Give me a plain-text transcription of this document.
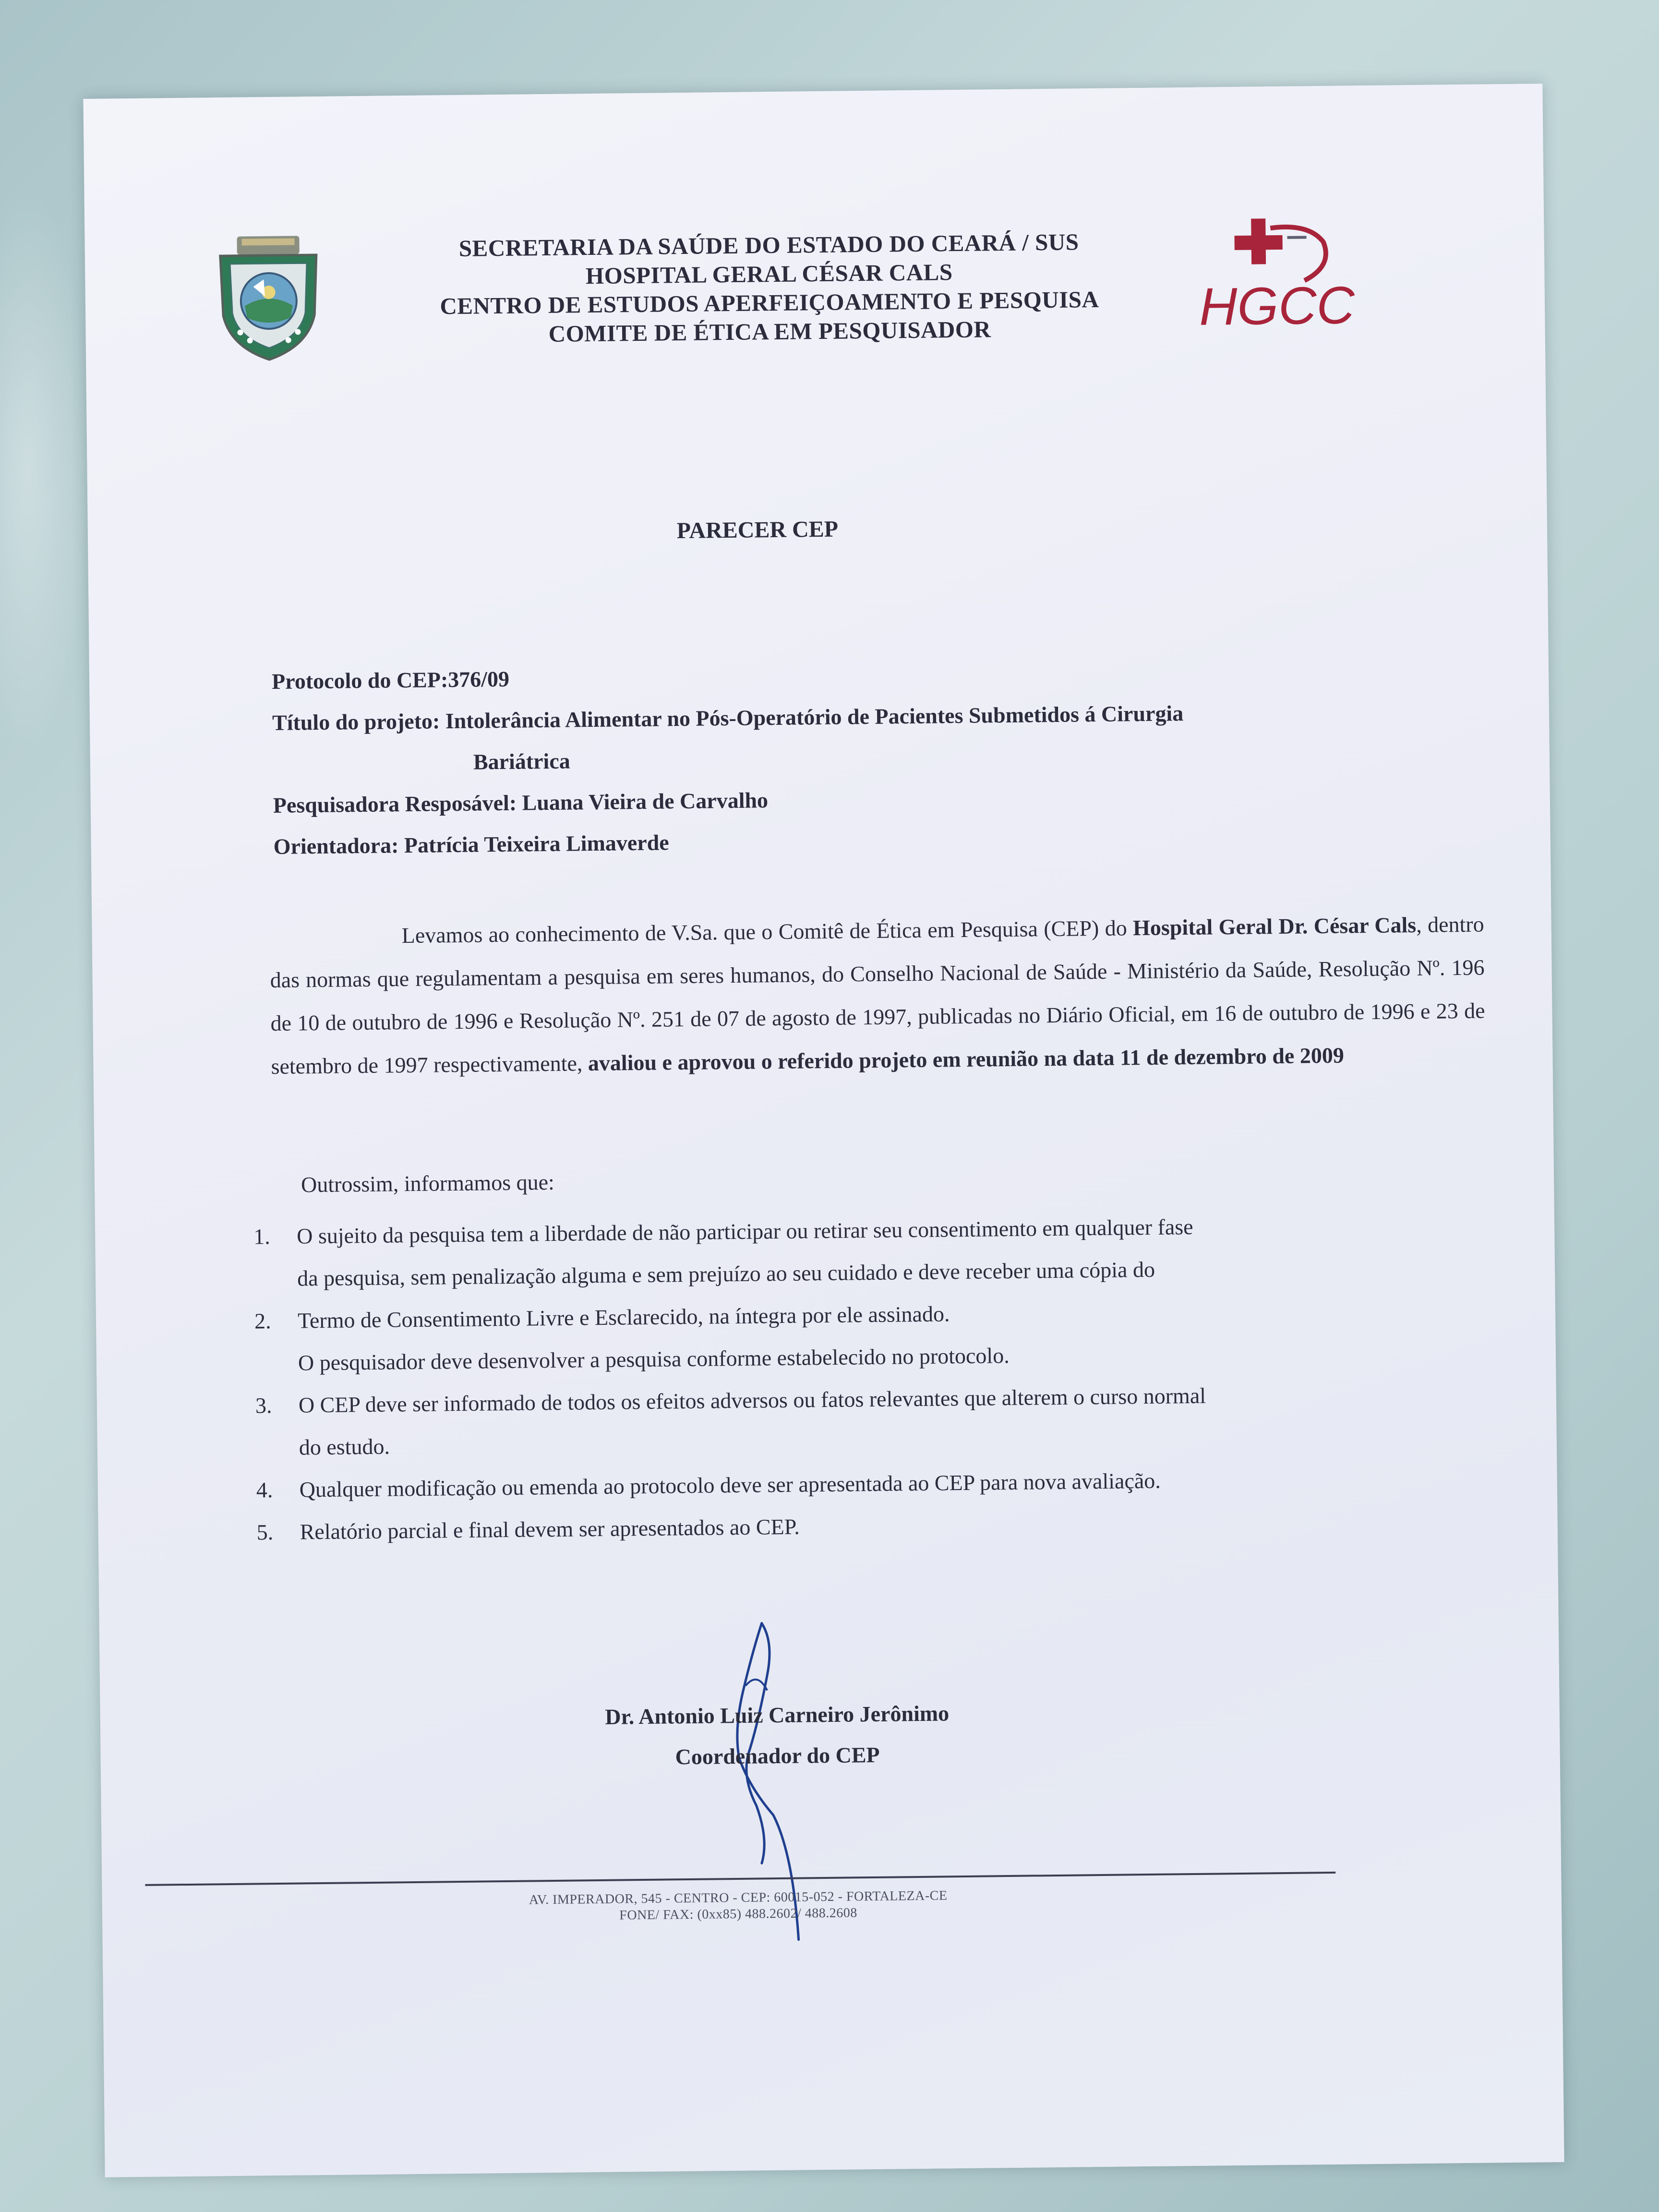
SECRETARIA DA SAÚDE DO ESTADO DO CEARÁ / SUS
HOSPITAL GERAL CÉSAR CALS
CENTRO DE ESTUDOS APERFEIÇOAMENTO E PESQUISA
COMITE DE ÉTICA EM PESQUISADOR	HGCC
PARECER CEP
Protocolo do CEP:376/09
Título do projeto: Intolerância Alimentar no Pós-Operatório de Pacientes Submetidos á Cirurgia
Bariátrica
Pesquisadora Resposável: Luana Vieira de Carvalho
Orientadora: Patrícia Teixeira Limaverde
Levamos ao conhecimento de V.Sa. que o Comitê de Ética em Pesquisa (CEP) do Hospital Geral Dr. César Cals, dentro das normas que regulamentam a pesquisa em seres humanos, do Conselho Nacional de Saúde - Ministério da Saúde, Resolução Nº. 196 de 10 de outubro de 1996 e Resolução Nº. 251 de 07 de agosto de 1997, publicadas no Diário Oficial, em 16 de outubro de 1996 e 23 de setembro de 1997 respectivamente, avaliou e aprovou o referido projeto em reunião na data 11 de dezembro de 2009
Outrossim, informamos que:
1.	O sujeito da pesquisa tem a liberdade de não participar ou retirar seu consentimento em qualquer fase
da pesquisa, sem penalização alguma e sem prejuízo ao seu cuidado e deve receber uma cópia do
2.	Termo de Consentimento Livre e Esclarecido, na íntegra por ele assinado.
O pesquisador deve desenvolver a pesquisa conforme estabelecido no protocolo.
3.	O CEP deve ser informado de todos os efeitos adversos ou fatos relevantes que alterem o curso normal
do estudo.
4.	Qualquer modificação ou emenda ao protocolo deve ser apresentada ao CEP para nova avaliação.
5.	Relatório parcial e final devem ser apresentados ao CEP.
Dr. Antonio Luiz Carneiro Jerônimo
Coordenador do CEP
AV. IMPERADOR, 545 - CENTRO - CEP: 60015-052 - FORTALEZA-CE
FONE/ FAX: (0xx85) 488.2602/ 488.2608
